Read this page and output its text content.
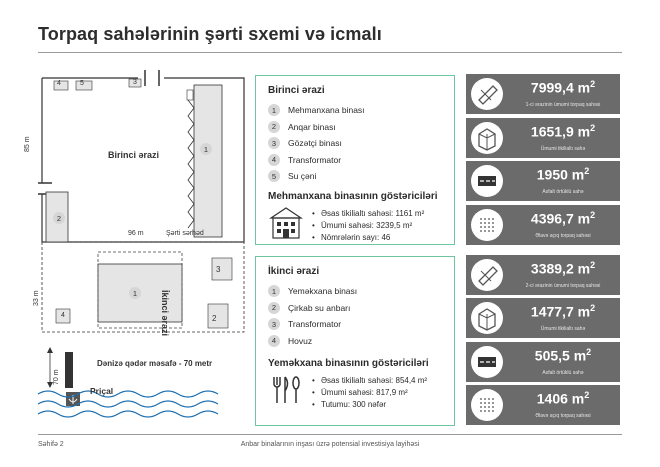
Torpaq sahələrinin şərti sxemi və icmalı
4	5	3
1
2
1
3
2
4
Birinci ərazi
İkinci ərazi
85 m
96 m	Şərti sərhəd
33 m
70 m
Dənizə qədər məsafə - 70 metr
Priçal
Birinci ərazi
1	Mehmanxana binası
2	Anqar binası
3	Gözətçi binası
4	Transformator
5	Su çəni
Mehmanxana binasının göstəriciləri
• Əsas tikilialtı sahəsi: 1161 m²
• Ümumi sahəsi: 3239,5 m²
• Nömrələrin sayı: 46
İkinci ərazi
1	Yeməkxana binası
2	Çirkab su anbarı
3	Transformator
4	Hovuz
Yeməkxana binasının göstəriciləri
• Əsas tikilialtı sahəsi: 854,4 m²
• Ümumi sahəsi: 817,9 m²
• Tutumu: 300 nəfər
7999,4 $m^2$
1-ci ərazinin ümumi torpaq sahəsi
1651,9 $m^2$
Ümumi tikilialtı sahə
1950 $m^2$
Asfalt örtüklü sahə
4396,7 $m^2$
Əlavə açıq torpaq sahəsi
3389,2 $m^2$
2-ci ərazinin ümumi torpaq sahəsi
1477,7 $m^2$
Ümumi tikilialtı sahə
505,5 $m^2$
Asfalt örtüklü sahə
1406 $m^2$
Əlavə açıq torpaq sahəsi
Səhifə 2	Anbar binalarının inşası üzrə potensial investisiya layihəsi
